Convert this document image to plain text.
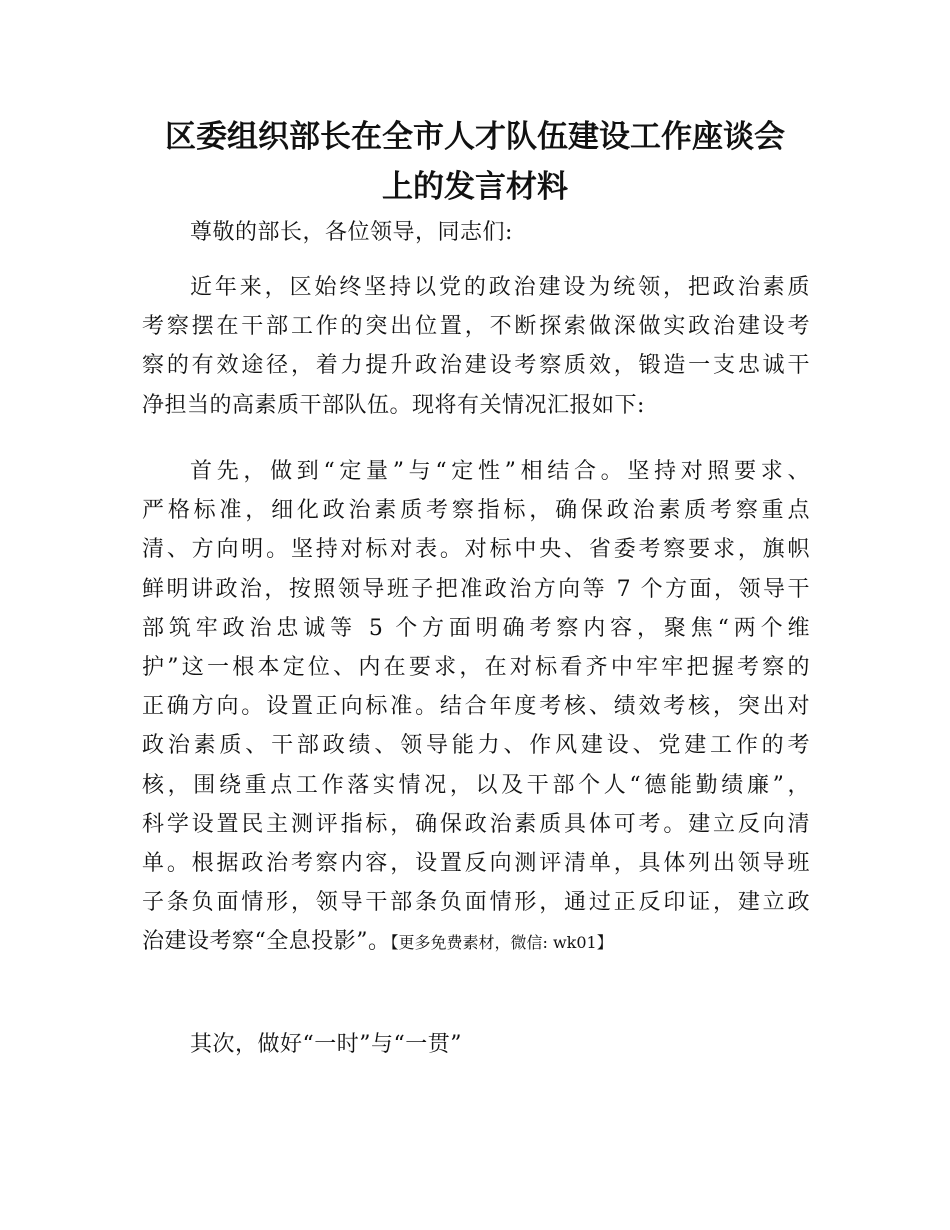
区委组织部长在全市人才队伍建设工作座谈会
上的发言材料

尊敬的部长，各位领导，同志们:

近年来，区始终坚持以党的政治建设为统领，把政治素质
考察摆在干部工作的突出位置，不断探索做深做实政治建设考
察的有效途径，着力提升政治建设考察质效，锻造一支忠诚干
净担当的高素质干部队伍。现将有关情况汇报如下:

首先，做到“定量”与“定性”相结合。坚持对照要求、
严格标准，细化政治素质考察指标，确保政治素质考察重点
清、方向明。坚持对标对表。对标中央、省委考察要求，旗帜
鲜明讲政治，按照领导班子把准政治方向等 7 个方面，领导干
部筑牢政治忠诚等 5 个方面明确考察内容，聚焦“两个维
护”这一根本定位、内在要求，在对标看齐中牢牢把握考察的
正确方向。设置正向标准。结合年度考核、绩效考核，突出对
政治素质、干部政绩、领导能力、作风建设、党建工作的考
核，围绕重点工作落实情况，以及干部个人“德能勤绩廉”，
科学设置民主测评指标，确保政治素质具体可考。建立反向清
单。根据政治考察内容，设置反向测评清单，具体列出领导班
子条负面情形，领导干部条负面情形，通过正反印证，建立政
治建设考察“全息投影”。【更多免费素材，微信: wk01】

其次，做好“一时”与“一贯”
